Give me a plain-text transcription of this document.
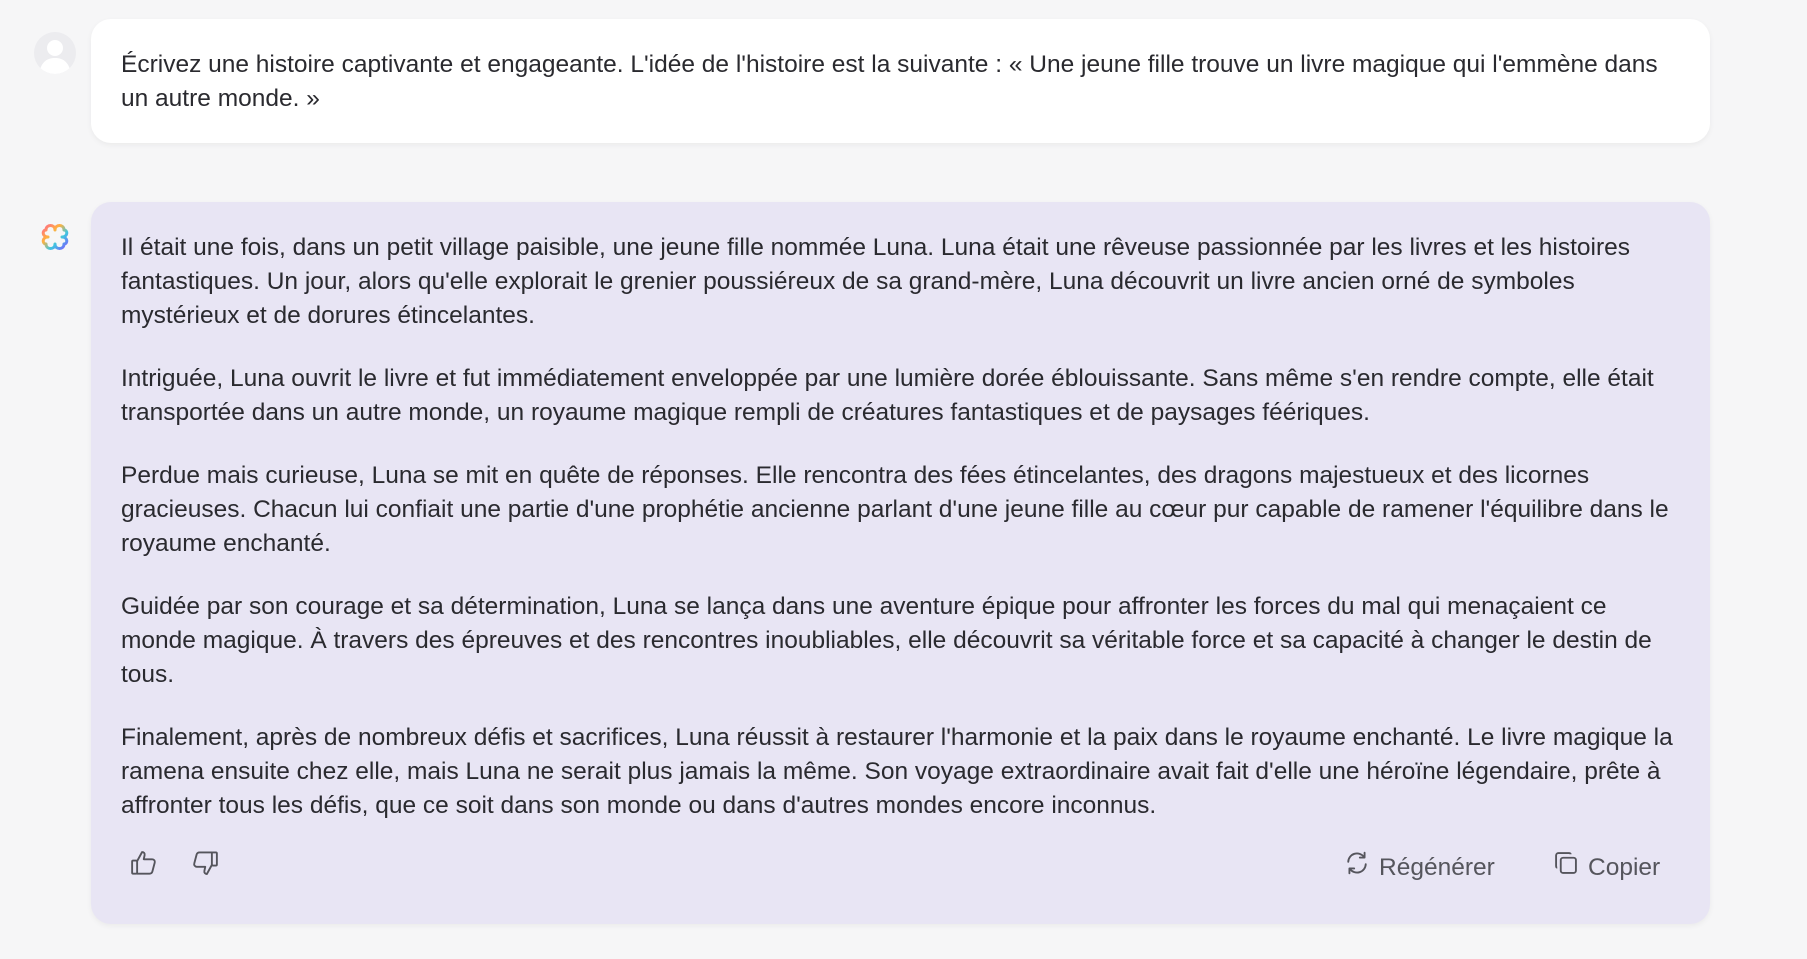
Écrivez une histoire captivante et engageante. L'idée de l'histoire est la suivante : « Une jeune fille trouve un livre magique qui l'emmène dans un autre monde. »

Il était une fois, dans un petit village paisible, une jeune fille nommée Luna. Luna était une rêveuse passionnée par les livres et les histoires fantastiques. Un jour, alors qu'elle explorait le grenier poussiéreux de sa grand-mère, Luna découvrit un livre ancien orné de symboles mystérieux et de dorures étincelantes.

Intriguée, Luna ouvrit le livre et fut immédiatement enveloppée par une lumière dorée éblouissante. Sans même s'en rendre compte, elle était transportée dans un autre monde, un royaume magique rempli de créatures fantastiques et de paysages féériques.

Perdue mais curieuse, Luna se mit en quête de réponses. Elle rencontra des fées étincelantes, des dragons majestueux et des licornes gracieuses. Chacun lui confiait une partie d'une prophétie ancienne parlant d'une jeune fille au cœur pur capable de ramener l'équilibre dans le royaume enchanté.

Guidée par son courage et sa détermination, Luna se lança dans une aventure épique pour affronter les forces du mal qui menaçaient ce monde magique. À travers des épreuves et des rencontres inoubliables, elle découvrit sa véritable force et sa capacité à changer le destin de tous.

Finalement, après de nombreux défis et sacrifices, Luna réussit à restaurer l'harmonie et la paix dans le royaume enchanté. Le livre magique la ramena ensuite chez elle, mais Luna ne serait plus jamais la même. Son voyage extraordinaire avait fait d'elle une héroïne légendaire, prête à affronter tous les défis, que ce soit dans son monde ou dans d'autres mondes encore inconnus.

Régénérer	Copier
